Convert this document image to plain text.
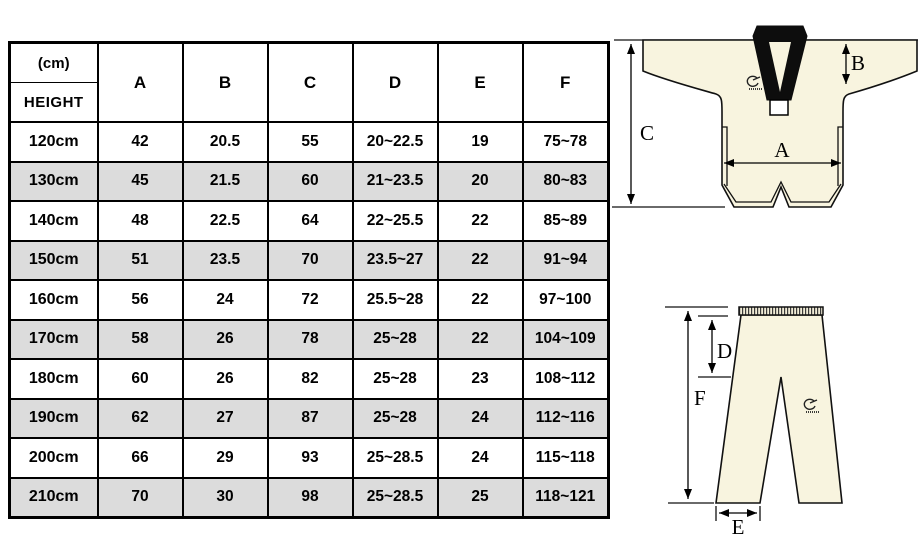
(cm)	A	B	C	D	E	F
HEIGHT						
120cm	42	20.5	55	20~22.5	19	75~78
130cm	45	21.5	60	21~23.5	20	80~83
140cm	48	22.5	64	22~25.5	22	85~89
150cm	51	23.5	70	23.5~27	22	91~94
160cm	56	24	72	25.5~28	22	97~100
170cm	58	26	78	25~28	22	104~109
180cm	60	26	82	25~28	23	108~112
190cm	62	27	87	25~28	24	112~116
200cm	66	29	93	25~28.5	24	115~118
210cm	70	30	98	25~28.5	25	118~121
C
B
A
F
D
E
